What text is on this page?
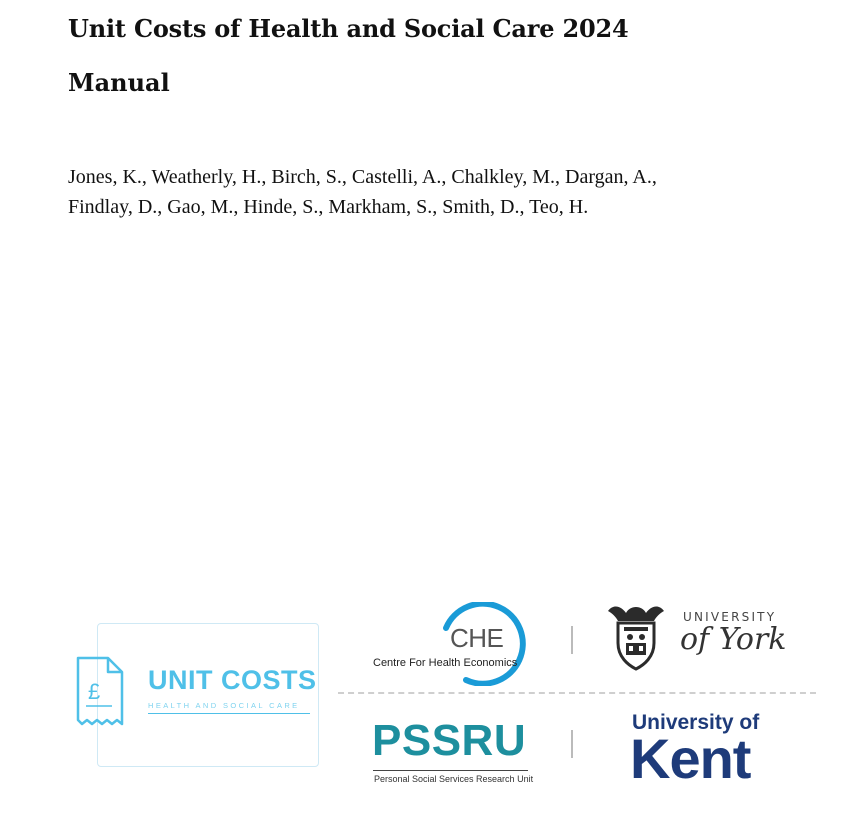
Unit Costs of Health and Social Care 2024
Manual
Jones, K., Weatherly, H., Birch, S., Castelli, A., Chalkley, M., Dargan, A.,
Findlay, D., Gao, M., Hinde, S., Markham, S., Smith, D., Teo, H.
£ UNIT COSTS
HEALTH AND SOCIAL CARE
CHE
Centre For Health Economics
UNIVERSITY
of York
PSSRU
Personal Social Services Research Unit
University of
Kent
